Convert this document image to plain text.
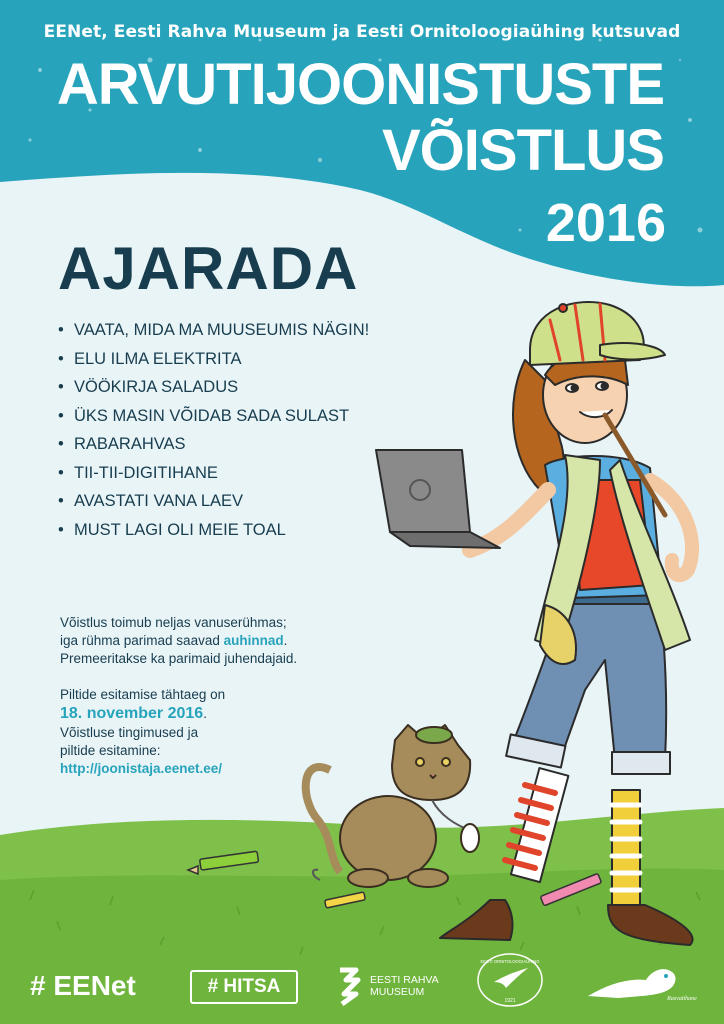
EENet, Eesti Rahva Muuseum ja Eesti Ornitoloogiaühing kutsuvad
ARVUTIJOONISTUSTE
VÕISTLUS
2016
AJARADA
• VAATA, MIDA MA MUUSEUMIS NÄGIN!
• ELU ILMA ELEKTRITA
• VÖÖKIRJA SALADUS
• ÜKS MASIN VÕIDAB SADA SULAST
• RABARAHVAS
• TII-TII-DIGITIHANE
• AVASTATI VANA LAEV
• MUST LAGI OLI MEIE TOAL
Võistlus toimub neljas vanuserühmas;
iga rühma parimad saavad auhinnad.
Premeeritakse ka parimaid juhendajaid.
Piltide esitamise tähtaeg on
18. november 2016.
Võistluse tingimused ja
piltide esitamine:
http://joonistaja.eenet.ee/
# EENet	# HITSA	EESTI RAHVA
MUUSEUM
EESTI ORNITOLOOGIAÜHING
1921	Rasvatihane
